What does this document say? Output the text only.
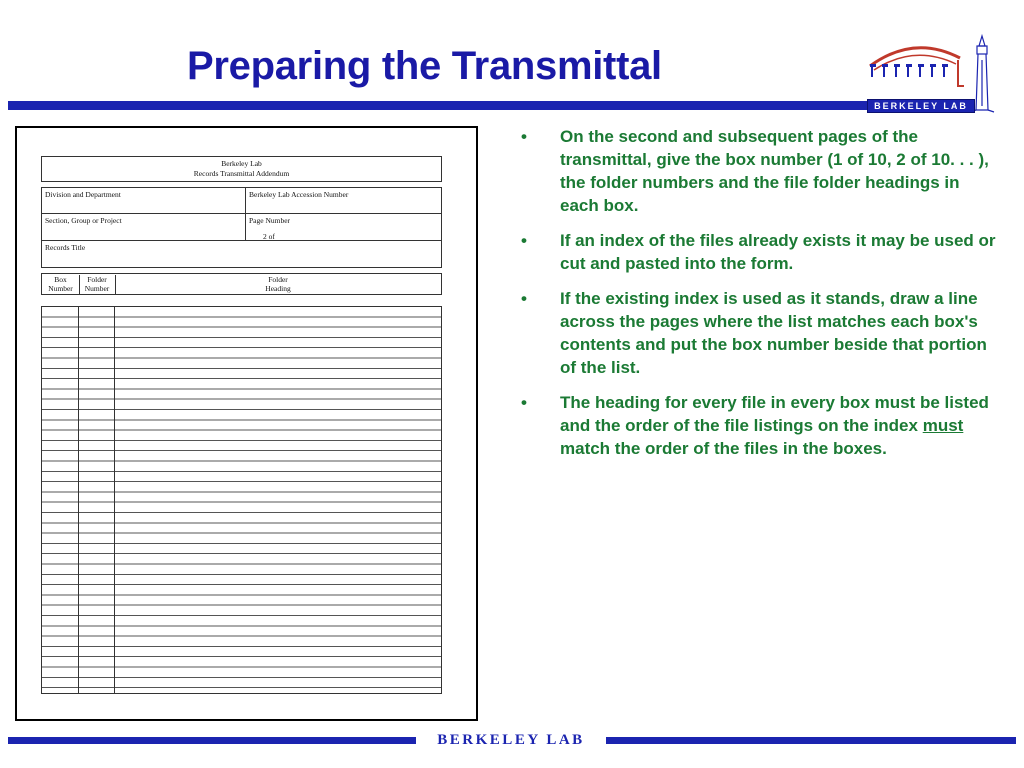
Preparing the Transmittal
BERKELEY LAB
Berkeley Lab
Records Transmittal Addendum
Division and Department	Berkeley Lab Accession Number
Section, Group or Project	Page Number
2 of
Records Title
Box
Number
Folder
Number
Folder
Heading
• On the second and subsequent pages of the transmittal, give the box number (1 of 10, 2 of 10. . . ), the folder numbers and the file folder headings in each box.
• If an index of the files already exists it may be used or cut and pasted into the form.
• If the existing index is used as it stands, draw a line across the pages where the list matches each box's contents and put the box number beside that portion of the list.
• The heading for every file in every box must be listed and the order of the file listings on the index must match the order of the files in the boxes.
BERKELEY LAB
